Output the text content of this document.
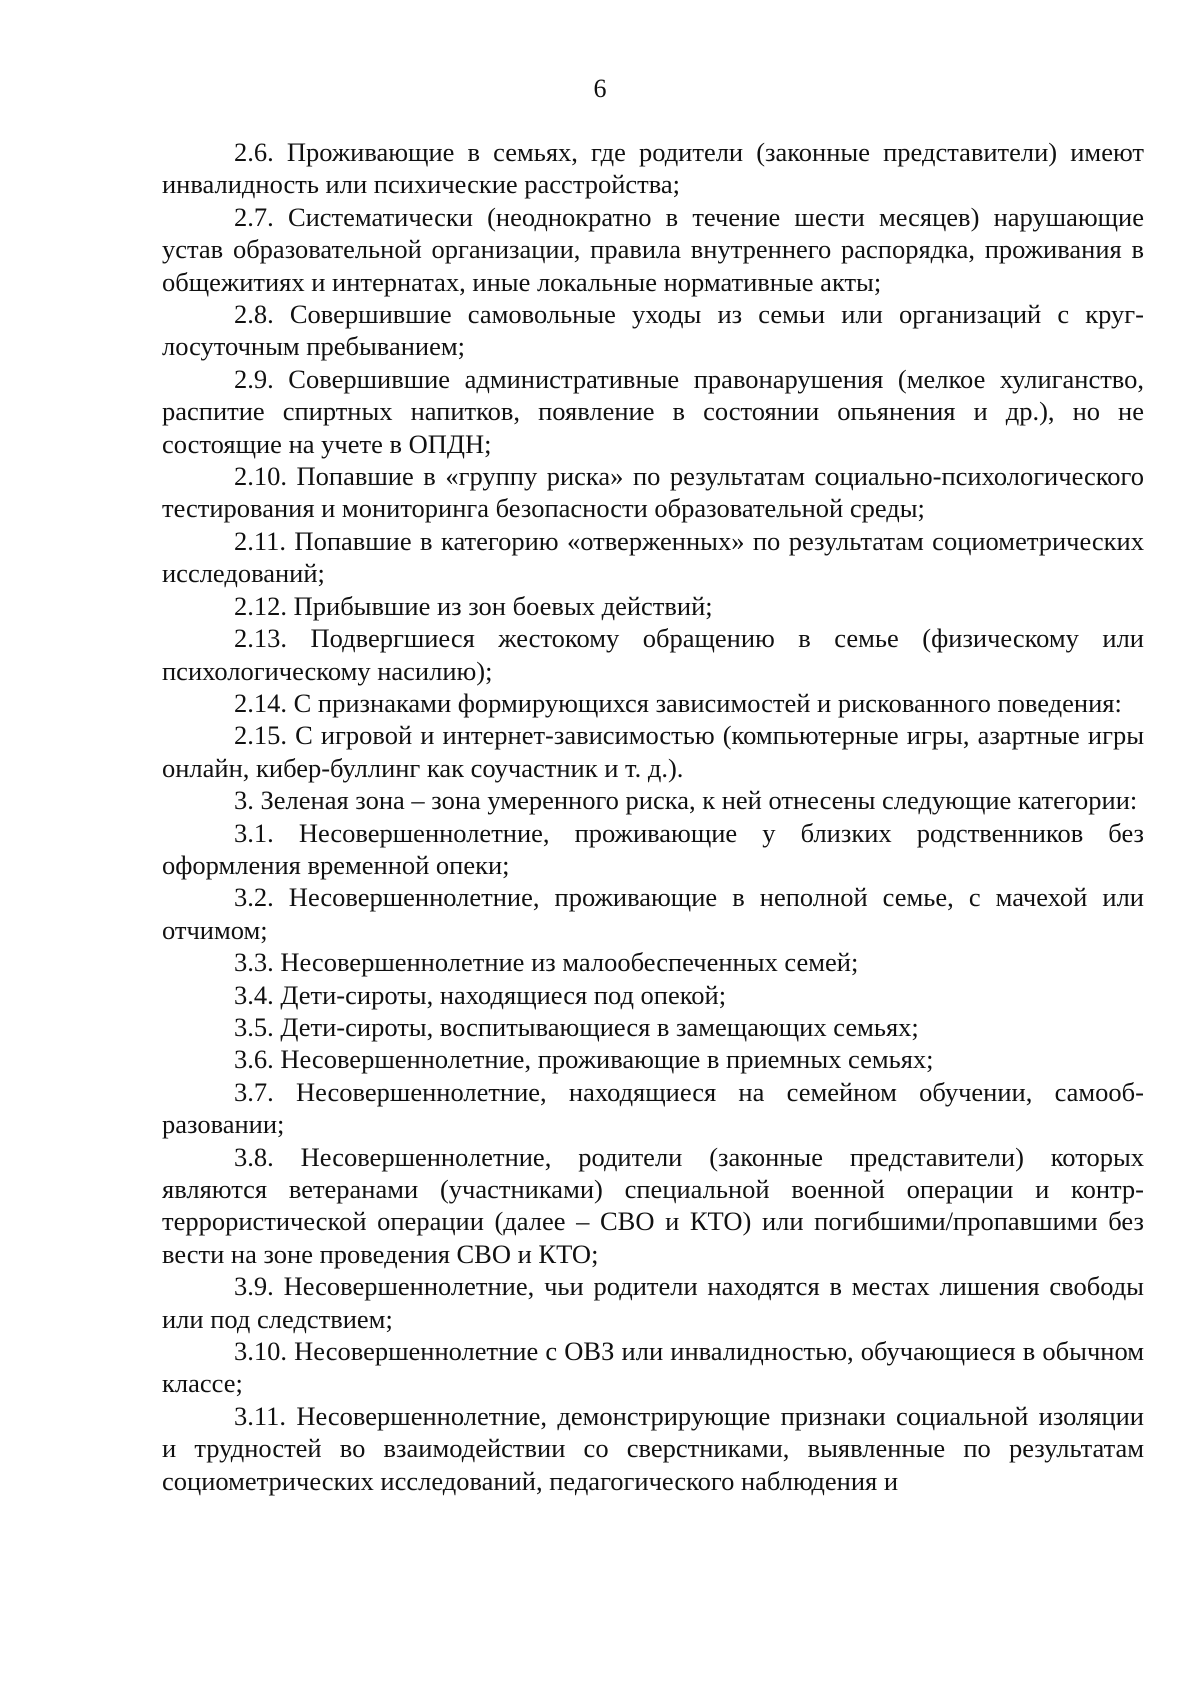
6

2.6. Проживающие в семьях, где родители (законные представители) имеют инвалидность или психические расстройства;

2.7. Систематически (неоднократно в течение шести месяцев) нарушающие устав образовательной организации, правила внутреннего распорядка, проживания в общежитиях и интернатах, иные локальные нормативные акты;

2.8. Совершившие самовольные уходы из семьи или организаций с круглосуточным пребыванием;

2.9. Совершившие административные правонарушения (мелкое хулиганство, распитие спиртных напитков, появление в состоянии опьянения и др.), но не состоящие на учете в ОПДН;

2.10. Попавшие в «группу риска» по результатам социально-психологического тестирования и мониторинга безопасности образовательной среды;

2.11. Попавшие в категорию «отверженных» по результатам социометрических исследований;

2.12. Прибывшие из зон боевых действий;

2.13. Подвергшиеся жестокому обращению в семье (физическому или психологическому насилию);

2.14. С признаками формирующихся зависимостей и рискованного поведения:

2.15. С игровой и интернет-зависимостью (компьютерные игры, азартные игры онлайн, кибер-буллинг как соучастник и т. д.).

3. Зеленая зона – зона умеренного риска, к ней отнесены следующие категории:

3.1. Несовершеннолетние, проживающие у близких родственников без оформления временной опеки;

3.2. Несовершеннолетние, проживающие в неполной семье, с мачехой или отчимом;

3.3. Несовершеннолетние из малообеспеченных семей;

3.4. Дети-сироты, находящиеся под опекой;

3.5. Дети-сироты, воспитывающиеся в замещающих семьях;

3.6. Несовершеннолетние, проживающие в приемных семьях;

3.7. Несовершеннолетние, находящиеся на семейном обучении, самообразовании;

3.8. Несовершеннолетние, родители (законные представители) которых являются ветеранами (участниками) специальной военной операции и контртеррористической операции (далее – СВО и КТО) или погибшими/пропавшими без вести на зоне проведения СВО и КТО;

3.9. Несовершеннолетние, чьи родители находятся в местах лишения свободы или под следствием;

3.10. Несовершеннолетние с ОВЗ или инвалидностью, обучающиеся в обычном классе;

3.11. Несовершеннолетние, демонстрирующие признаки социальной изоляции и трудностей во взаимодействии со сверстниками, выявленные по результатам социометрических исследований, педагогического наблюдения и
